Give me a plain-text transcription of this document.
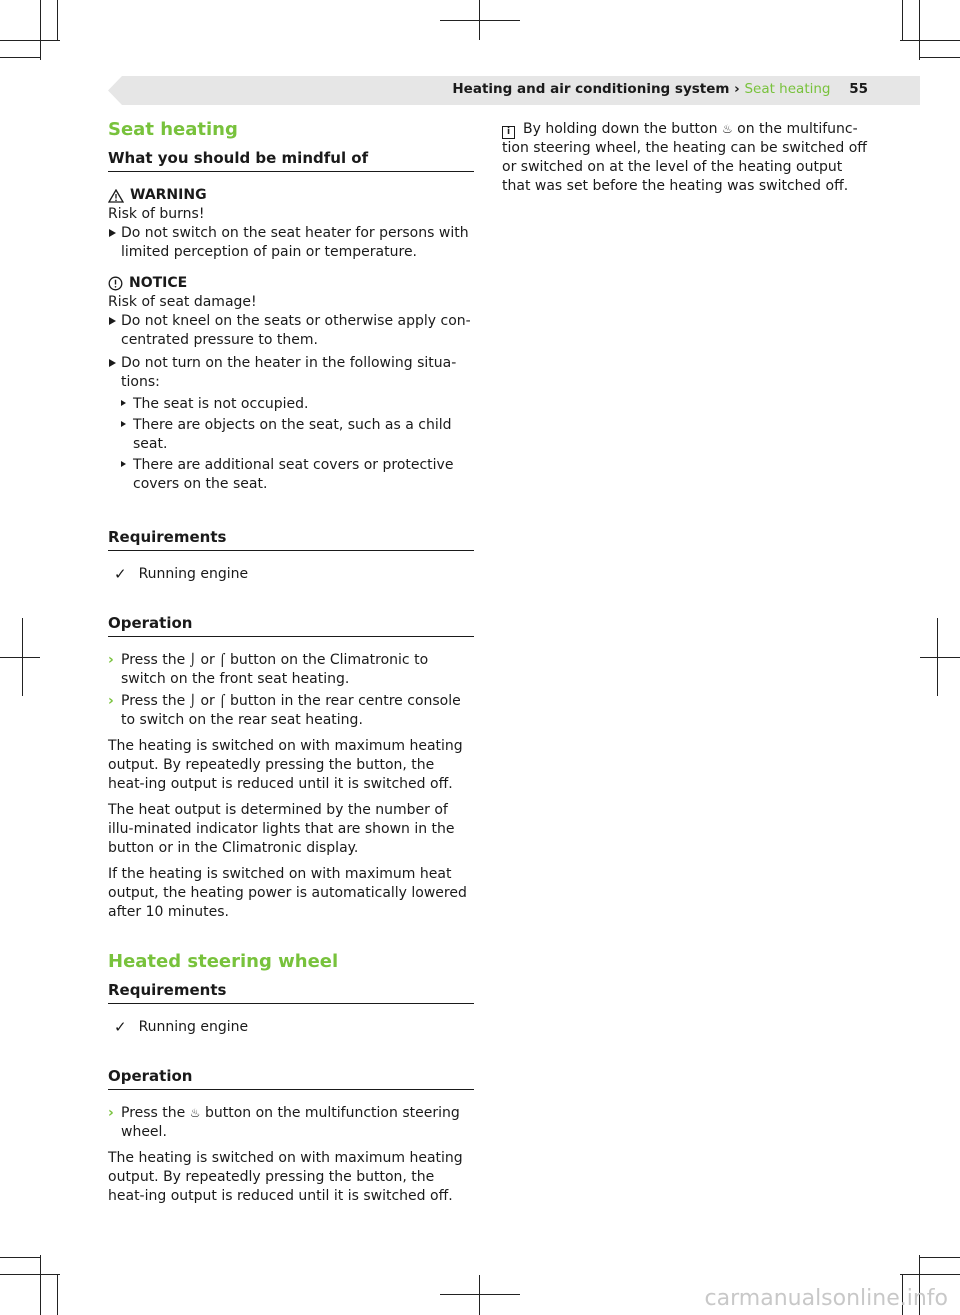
Heating and air conditioning system › Seat heating 55
Seat heating
What you should be mindful of
WARNING

Risk of burns!

Do not switch on the seat heater for persons with limited perception of pain or temperature.
NOTICE

Risk of seat damage!

Do not kneel on the seats or otherwise apply con-centrated pressure to them.
Do not turn on the heater in the following situa-tions:
The seat is not occupied.
There are objects on the seat, such as a child seat.
There are additional seat covers or protective covers on the seat.
Requirements
✓ Running engine
Operation
› Press the ⌡ or ⌠ button on the Climatronic to switch on the front seat heating.
› Press the ⌡ or ⌠ button in the rear centre console to switch on the rear seat heating.

The heating is switched on with maximum heating output. By repeatedly pressing the button, the heat-ing output is reduced until it is switched off.

The heat output is determined by the number of illu-minated indicator lights that are shown in the button or in the Climatronic display.

If the heating is switched on with maximum heat output, the heating power is automatically lowered after 10 minutes.

Heated steering wheel
Requirements
✓ Running engine
Operation
› Press the ♨ button on the multifunction steering wheel.

The heating is switched on with maximum heating output. By repeatedly pressing the button, the heat-ing output is reduced until it is switched off.

i By holding down the button ♨ on the multifunc-tion steering wheel, the heating can be switched off or switched on at the level of the heating output that was set before the heating was switched off.

carmanualsonline.info
